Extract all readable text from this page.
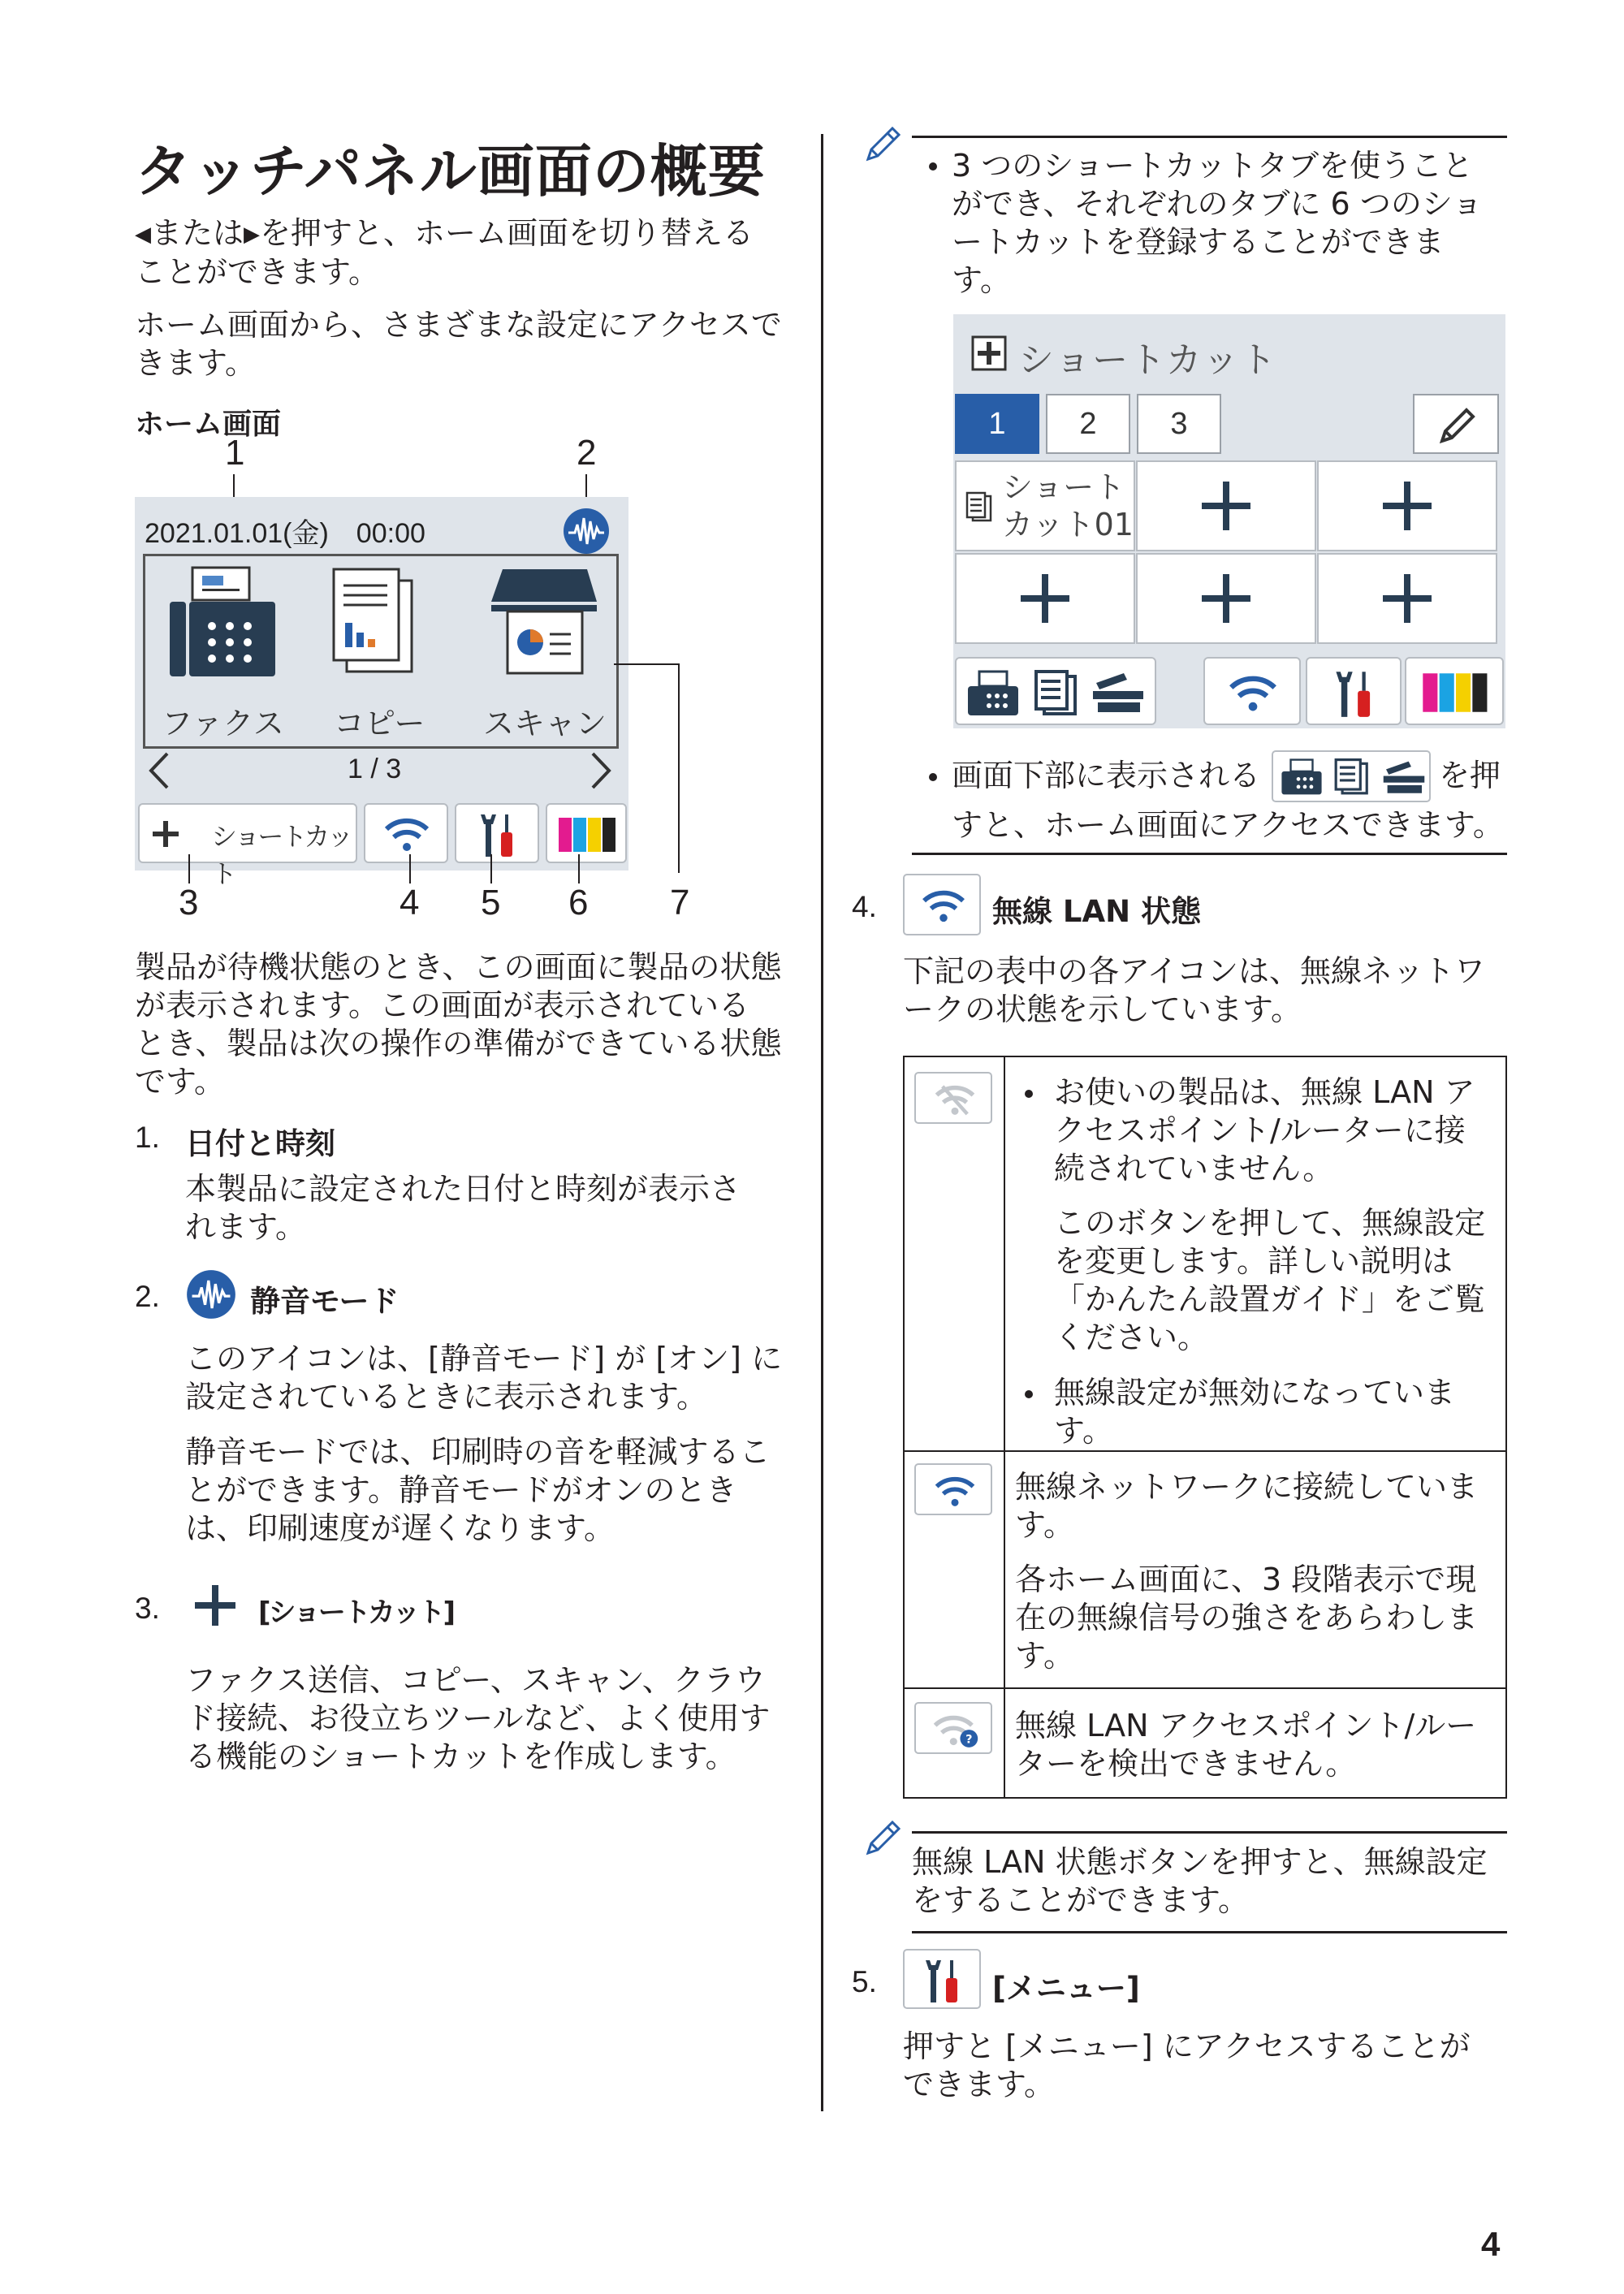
タッチパネル画面の概要
◀または▶を押すと、ホーム画面を切り替える
ことができます。
ホーム画面から、さまざまな設定にアクセスで
きます。
ホーム画面
1	2
2021.01.01(金)　00:00
ファクス コピー スキャン
1 / 3
ショートカット
7
3	4 5 6
製品が待機状態のとき、この画面に製品の状態
が表示されます。この画面が表示されている
とき、製品は次の操作の準備ができている状態
です。
1. 日付と時刻
本製品に設定された日付と時刻が表示さ
れます。
2.	静音モード
このアイコンは、[静音モード] が [オン] に
設定されているときに表示されます。
静音モードでは、印刷時の音を軽減するこ
とができます。静音モードがオンのとき
は、印刷速度が遅くなります。
3.	[ショートカット]
ファクス送信、コピー、スキャン、クラウ
ド接続、お役立ちツールなど、よく使用す
る機能のショートカットを作成します。
3 つのショートカットタブを使うこと
ができ、それぞれのタブに 6 つのショ
ートカットを登録することができま
す。
ショートカット
1	2	3
ショート
カット01
画面下部に表示される	を押
すと、ホーム画面にアクセスできます。
4.	無線 LAN 状態
下記の表中の各アイコンは、無線ネットワ
ークの状態を示しています。
お使いの製品は、無線 LAN ア
クセスポイント/ルーターに接
続されていません。
このボタンを押して、無線設定
を変更します。詳しい説明は
「かんたん設置ガイド」をご覧
ください。
無線設定が無効になっていま
す。
無線ネットワークに接続していま
す。
各ホーム画面に、3 段階表示で現
在の無線信号の強さをあらわしま
す。
? 無線 LAN アクセスポイント/ルー
ターを検出できません。
無線 LAN 状態ボタンを押すと、無線設定
をすることができます。
5.	[メニュー]
押すと [メニュー] にアクセスすることが
できます。
4
